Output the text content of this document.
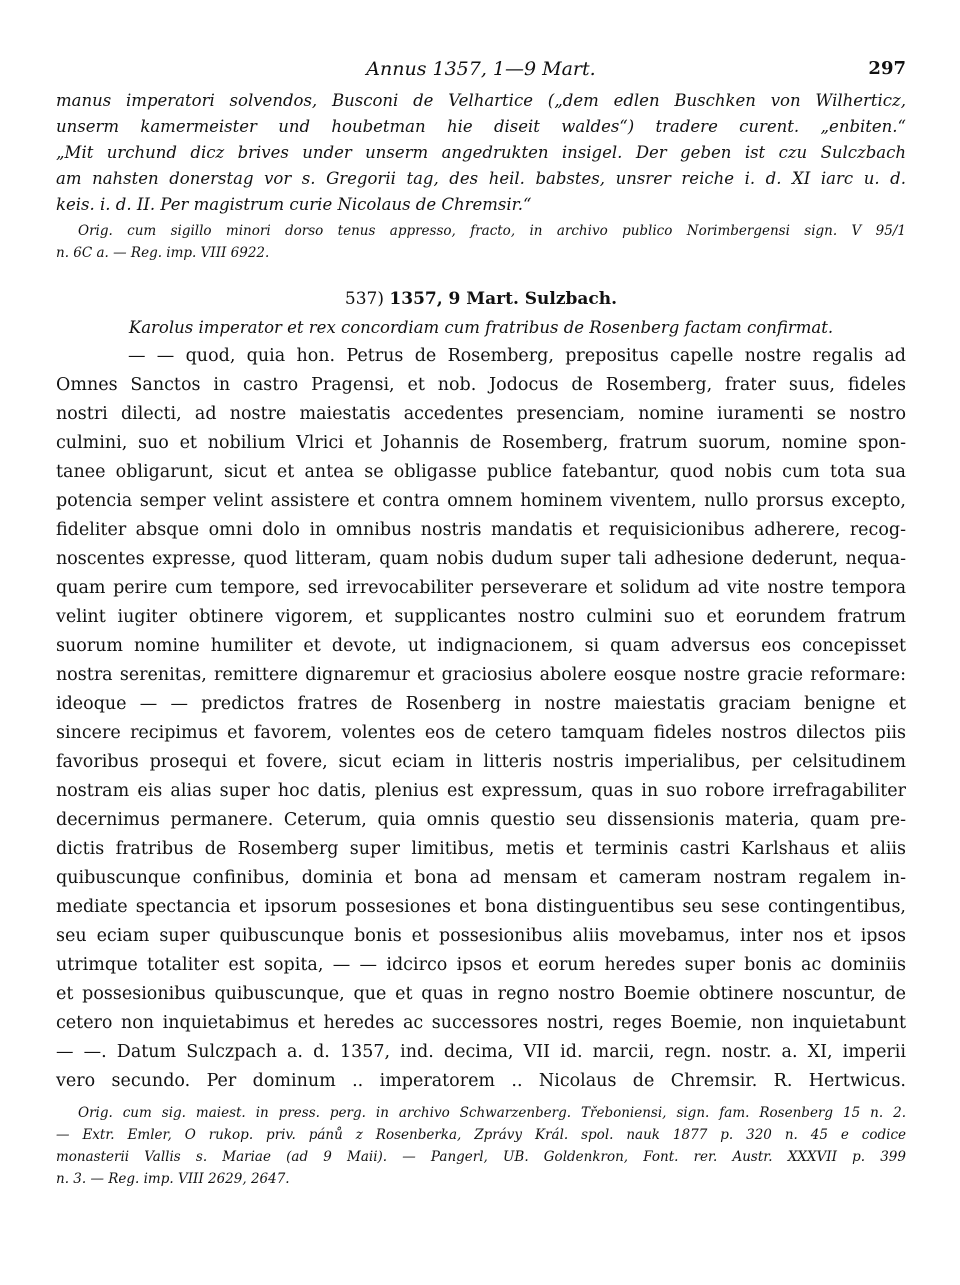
Annus 1357, 1—9 Mart.	297
manus imperatori solvendos, Busconi de Velhartice („dem edlen Buschken von Wilherticz,
unserm kamermeister und houbetman hie diseit waldes“) tradere curent. „enbiten.“
„Mit urchund dicz brives under unserm angedrukten insigel. Der geben ist czu Sulczbach
am nahsten donerstag vor s. Gregorii tag, des heil. babstes, unsrer reiche i. d. XI iarc u. d.
keis. i. d. II. Per magistrum curie Nicolaus de Chremsir.“
Orig. cum sigillo minori dorso tenus appresso, fracto, in archivo publico Norimbergensi sign. V 95/1
n. 6C a. — Reg. imp. VIII 6922.
537) 1357, 9 Mart. Sulzbach.
Karolus imperator et rex concordiam cum fratribus de Rosenberg factam confirmat.
— — quod, quia hon. Petrus de Rosemberg, prepositus capelle nostre regalis ad
Omnes Sanctos in castro Pragensi, et nob. Jodocus de Rosemberg, frater suus, fideles
nostri dilecti, ad nostre maiestatis accedentes presenciam, nomine iuramenti se nostro
culmini, suo et nobilium Vlrici et Johannis de Rosemberg, fratrum suorum, nomine spon-
tanee obligarunt, sicut et antea se obligasse publice fatebantur, quod nobis cum tota sua
potencia semper velint assistere et contra omnem hominem viventem, nullo prorsus excepto,
fideliter absque omni dolo in omnibus nostris mandatis et requisicionibus adherere, recog-
noscentes expresse, quod litteram, quam nobis dudum super tali adhesione dederunt, nequa-
quam perire cum tempore, sed irrevocabiliter perseverare et solidum ad vite nostre tempora
velint iugiter obtinere vigorem, et supplicantes nostro culmini suo et eorundem fratrum
suorum nomine humiliter et devote, ut indignacionem, si quam adversus eos concepisset
nostra serenitas, remittere dignaremur et graciosius abolere eosque nostre gracie reformare:
ideoque — — predictos fratres de Rosenberg in nostre maiestatis graciam benigne et
sincere recipimus et favorem, volentes eos de cetero tamquam fideles nostros dilectos piis
favoribus prosequi et fovere, sicut eciam in litteris nostris imperialibus, per celsitudinem
nostram eis alias super hoc datis, plenius est expressum, quas in suo robore irrefragabiliter
decernimus permanere. Ceterum, quia omnis questio seu dissensionis materia, quam pre-
dictis fratribus de Rosemberg super limitibus, metis et terminis castri Karlshaus et aliis
quibuscunque confinibus, dominia et bona ad mensam et cameram nostram regalem in-
mediate spectancia et ipsorum possesiones et bona distinguentibus seu sese contingentibus,
seu eciam super quibuscunque bonis et possesionibus aliis movebamus, inter nos et ipsos
utrimque totaliter est sopita, — — idcirco ipsos et eorum heredes super bonis ac dominiis
et possesionibus quibuscunque, que et quas in regno nostro Boemie obtinere noscuntur, de
cetero non inquietabimus et heredes ac successores nostri, reges Boemie, non inquietabunt
— —. Datum Sulczpach a. d. 1357, ind. decima, VII id. marcii, regn. nostr. a. XI, imperii
vero secundo. Per dominum .. imperatorem .. Nicolaus de Chremsir. R. Hertwicus.
Orig. cum sig. maiest. in press. perg. in archivo Schwarzenberg. Třeboniensi, sign. fam. Rosenberg 15 n. 2.
— Extr. Emler, O rukop. priv. pánů z Rosenberka, Zprávy Král. spol. nauk 1877 p. 320 n. 45 e codice
monasterii Vallis s. Mariae (ad 9 Maii). — Pangerl, UB. Goldenkron, Font. rer. Austr. XXXVII p. 399
n. 3. — Reg. imp. VIII 2629, 2647.
